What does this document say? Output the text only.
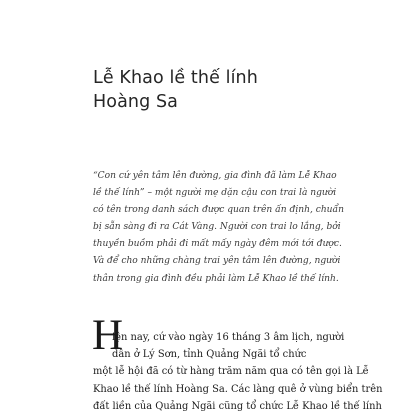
Lễ Khao lề thế lính
Hoàng Sa
“Con cứ yên tâm lên đường, gia đình đã làm Lễ Khao
lề thế lính” – một người mẹ dặn cậu con trai là người
có tên trong danh sách được quan trên ấn định, chuẩn
bị sẵn sàng đi ra Cát Vàng. Người con trai lo lắng, bởi
thuyền buồm phải đi mất mấy ngày đêm mới tới được.
Và để cho những chàng trai yên tâm lên đường, người
thân trong gia đình đều phải làm Lễ Khao lề thế lính.
H
iện nay, cứ vào ngày 16 tháng 3 âm lịch, người
dân ở Lý Sơn, tỉnh Quảng Ngãi tổ chức
một lễ hội đã có từ hàng trăm năm qua có tên gọi là Lễ
Khao lề thế lính Hoàng Sa. Các làng quê ở vùng biển trên
đất liền của Quảng Ngãi cũng tổ chức Lễ Khao lề thế lính
